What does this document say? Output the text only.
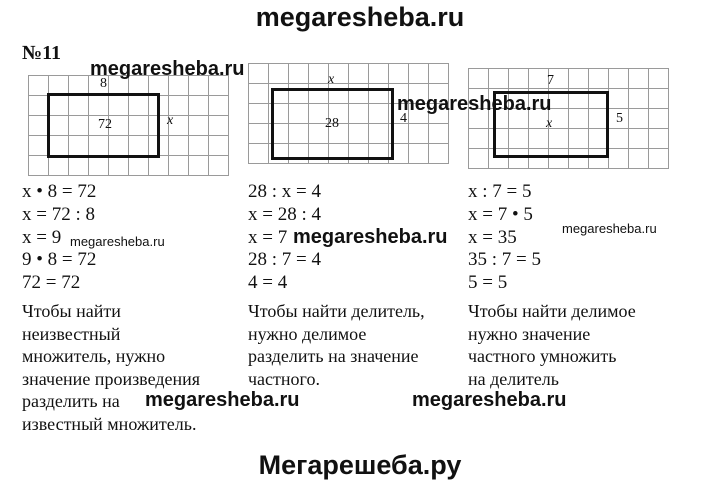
megaresheba.ru
Мегарешеба.ру
№11
8
72	x
x
28	4
7
x	5
x • 8 = 72
x = 72 : 8
x = 9
9 • 8 = 72
72 = 72
Чтобы найти
неизвестный
множитель, нужно
значение произведения
разделить на
известный множитель.
28 : x = 4
x = 28 : 4
x = 7
28 : 7 = 4
4 = 4
Чтобы найти делитель,
нужно делимое
разделить на значение
частного.
x : 7 = 5
x = 7 • 5
x = 35
35 : 7 = 5
5 = 5
Чтобы найти делимое
нужно значение
частного умножить
на делитель
megaresheba.ru
megaresheba.ru
megaresheba.ru
megaresheba.ru	megaresheba.ru
megaresheba.ru
megaresheba.ru
